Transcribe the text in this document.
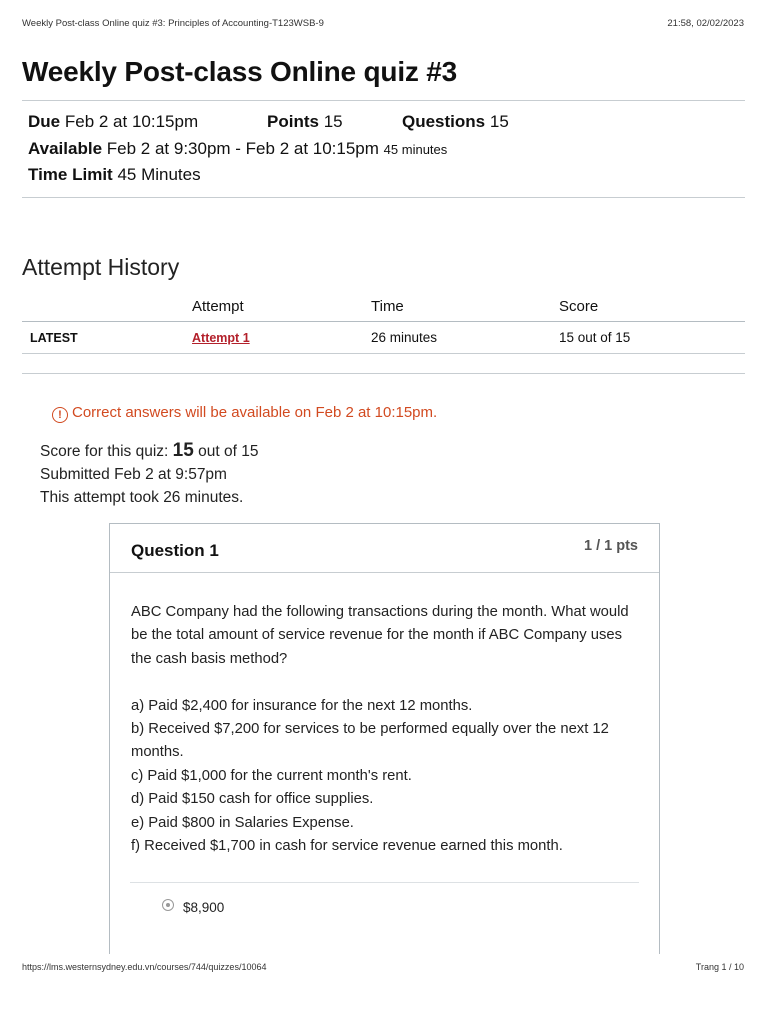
Weekly Post-class Online quiz #3: Principles of Accounting-T123WSB-9	21:58, 02/02/2023
Weekly Post-class Online quiz #3
Due Feb 2 at 10:15pm	Points 15	Questions 15
Available Feb 2 at 9:30pm - Feb 2 at 10:15pm 45 minutes
Time Limit 45 Minutes
Attempt History
	Attempt	Time	Score
LATEST	Attempt 1	26 minutes	15 out of 15
! Correct answers will be available on Feb 2 at 10:15pm.
Score for this quiz: 15 out of 15
Submitted Feb 2 at 9:57pm
This attempt took 26 minutes.
Question 1	1 / 1 pts

ABC Company had the following transactions during the month. What would be the total amount of service revenue for the month if ABC Company uses the cash basis method?

a) Paid $2,400 for insurance for the next 12 months.

b) Received $7,200 for services to be performed equally over the next 12 months.

c) Paid $1,000 for the current month's rent.

d) Paid $150 cash for office supplies.

e) Paid $800 in Salaries Expense.

f) Received $1,700 in cash for service revenue earned this month.

$8,900
https://lms.westernsydney.edu.vn/courses/744/quizzes/10064	Trang 1 / 10
